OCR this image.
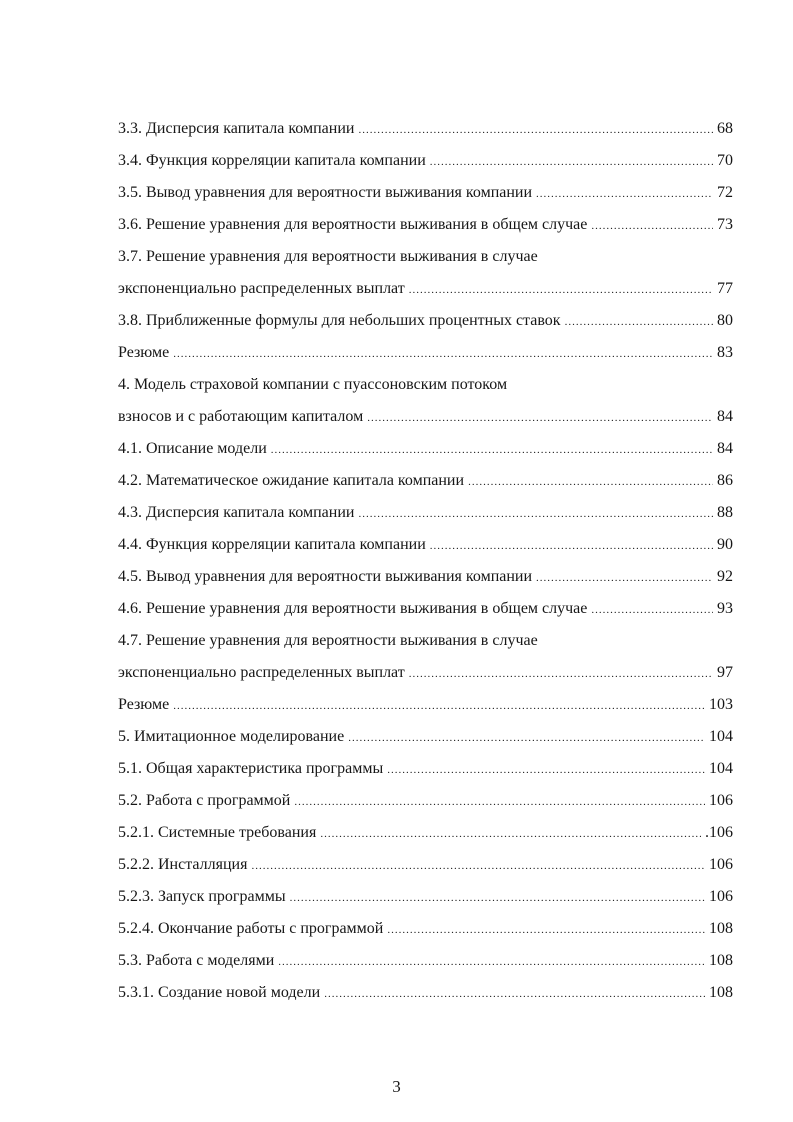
3.3. Дисперсия капитала компании .....	68
3.4. Функция корреляции капитала компании .....	70
3.5. Вывод уравнения для вероятности выживания компании .....	72
3.6. Решение уравнения для вероятности выживания в общем случае .....	73
3.7. Решение уравнения для вероятности выживания в случае
экспоненциально распределенных выплат .....	77
3.8. Приближенные формулы для небольших процентных ставок .....	80
Резюме .....	83
4. Модель страховой компании с пуассоновским потоком
взносов и с работающим капиталом .....	84
4.1. Описание модели .....	84
4.2. Математическое ожидание капитала компании .....	86
4.3. Дисперсия капитала компании .....	88
4.4. Функция корреляции капитала компании .....	90
4.5. Вывод уравнения для вероятности выживания компании .....	92
4.6. Решение уравнения для вероятности выживания в общем случае .....	93
4.7. Решение уравнения для вероятности выживания в случае
экспоненциально распределенных выплат .....	97
Резюме .....	103
5. Имитационное моделирование .....	104
5.1. Общая характеристика программы .....	104
5.2. Работа с программой .....	106
5.2.1. Системные требования .....	.106
5.2.2. Инсталляция .....	106
5.2.3. Запуск программы .....	106
5.2.4. Окончание работы с программой .....	108
5.3. Работа с моделями .....	108
5.3.1. Создание новой модели .....	108
3
